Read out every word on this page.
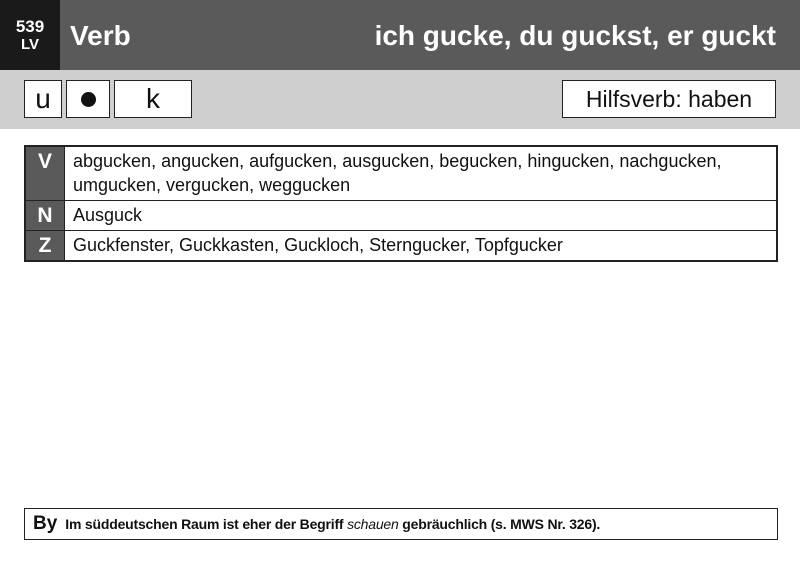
539
LV Verb	ich gucke, du guckst, er guckt
u	k	Hilfsverb: haben
V	abgucken, angucken, aufgucken, ausgucken, begucken, hingucken, nachgucken, umgucken, vergucken, weggucken
N	Ausguck
Z	Guckfenster, Guckkasten, Guckloch, Sterngucker, Topfgucker
By Im süddeutschen Raum ist eher der Begriff schauen gebräuchlich (s. MWS Nr. 326).
